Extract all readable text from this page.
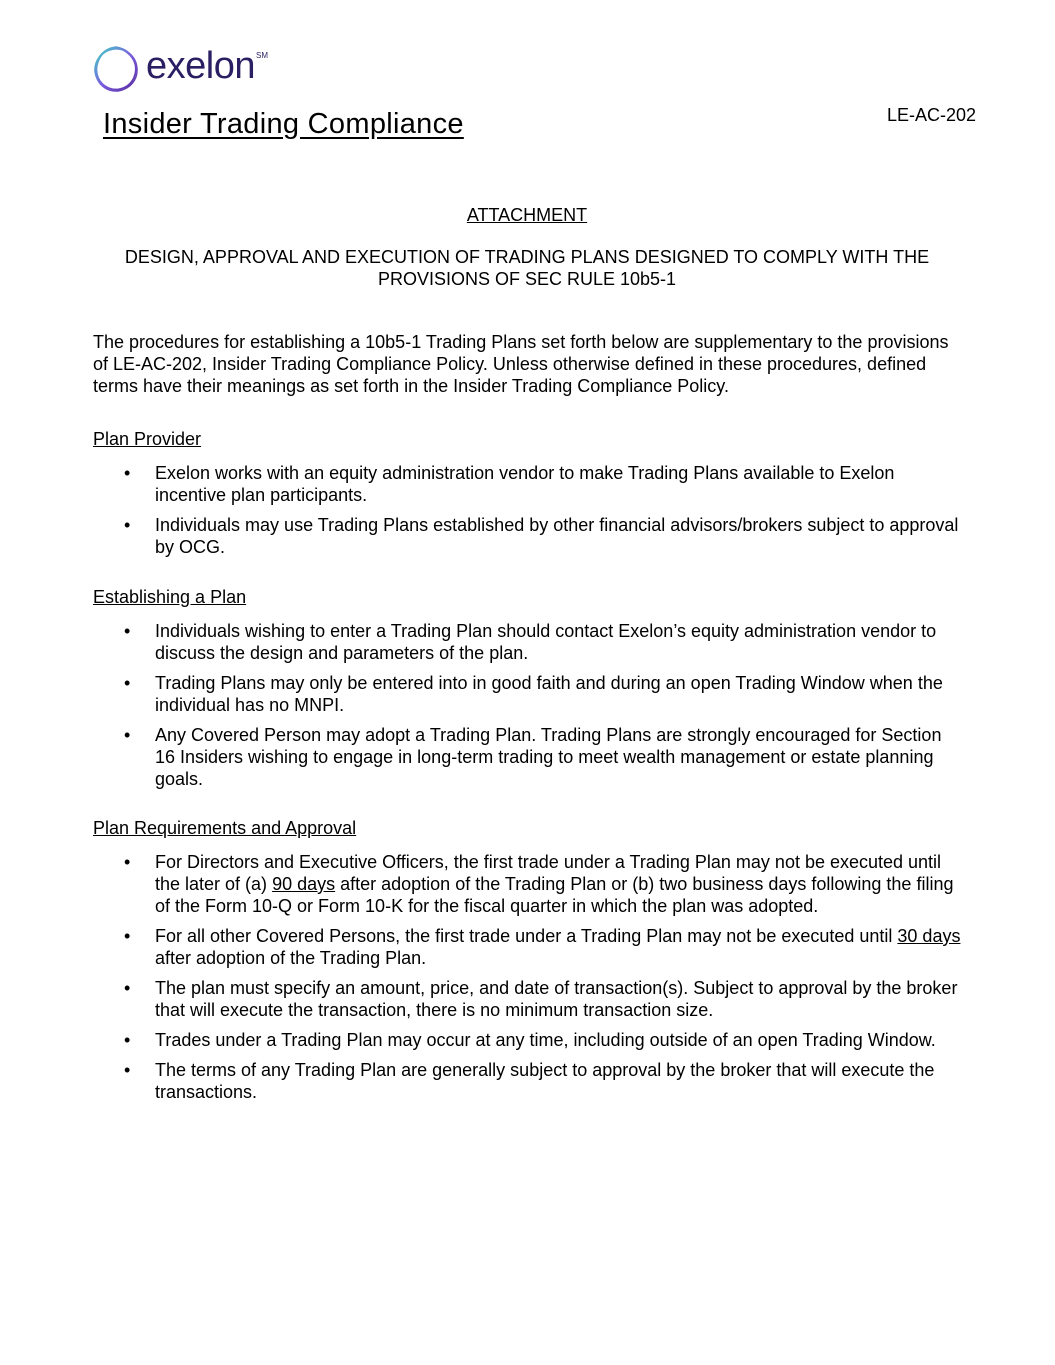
exelon SM
Insider Trading Compliance	LE-AC-202
ATTACHMENT
DESIGN, APPROVAL AND EXECUTION OF TRADING PLANS DESIGNED TO COMPLY WITH THE PROVISIONS OF SEC RULE 10b5-1

The procedures for establishing a 10b5-1 Trading Plans set forth below are supplementary to the provisions of LE-AC-202, Insider Trading Compliance Policy. Unless otherwise defined in these procedures, defined terms have their meanings as set forth in the Insider Trading Compliance Policy.

Plan Provider
• Exelon works with an equity administration vendor to make Trading Plans available to Exelon incentive plan participants.
• Individuals may use Trading Plans established by other financial advisors/brokers subject to approval by OCG.
Establishing a Plan
• Individuals wishing to enter a Trading Plan should contact Exelon’s equity administration vendor to discuss the design and parameters of the plan.
• Trading Plans may only be entered into in good faith and during an open Trading Window when the individual has no MNPI.
• Any Covered Person may adopt a Trading Plan. Trading Plans are strongly encouraged for Section 16 Insiders wishing to engage in long-term trading to meet wealth management or estate planning goals.
Plan Requirements and Approval
• For Directors and Executive Officers, the first trade under a Trading Plan may not be executed until the later of (a) 90 days after adoption of the Trading Plan or (b) two business days following the filing of the Form 10-Q or Form 10-K for the fiscal quarter in which the plan was adopted.
• For all other Covered Persons, the first trade under a Trading Plan may not be executed until 30 days after adoption of the Trading Plan.
• The plan must specify an amount, price, and date of transaction(s). Subject to approval by the broker that will execute the transaction, there is no minimum transaction size.
• Trades under a Trading Plan may occur at any time, including outside of an open Trading Window.
• The terms of any Trading Plan are generally subject to approval by the broker that will execute the transactions.
